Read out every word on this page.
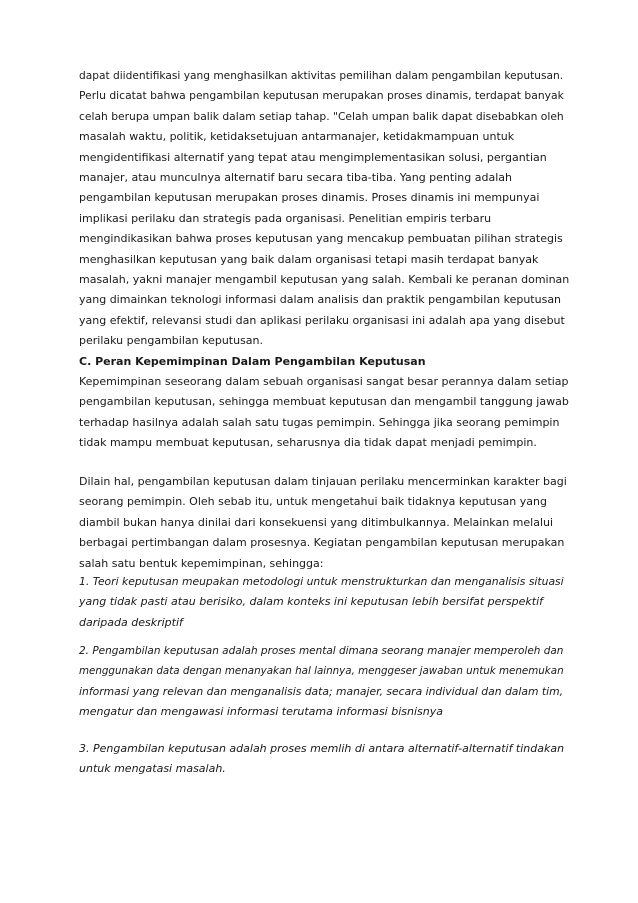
dapat diidentifikasi yang menghasilkan aktivitas pemilihan dalam pengambilan keputusan.
Perlu dicatat bahwa pengambilan keputusan merupakan proses dinamis, terdapat banyak
celah berupa umpan balik dalam setiap tahap. "Celah umpan balik dapat disebabkan oleh
masalah waktu, politik, ketidaksetujuan antarmanajer, ketidakmampuan untuk
mengidentifikasi alternatif yang tepat atau mengimplementasikan solusi, pergantian
manajer, atau munculnya alternatif baru secara tiba-tiba. Yang penting adalah
pengambilan keputusan merupakan proses dinamis. Proses dinamis ini mempunyai
implikasi perilaku dan strategis pada organisasi. Penelitian empiris terbaru
mengindikasikan bahwa proses keputusan yang mencakup pembuatan pilihan strategis
menghasilkan keputusan yang baik dalam organisasi tetapi masih terdapat banyak
masalah, yakni manajer mengambil keputusan yang salah. Kembali ke peranan dominan
yang dimainkan teknologi informasi dalam analisis dan praktik pengambilan keputusan
yang efektif, relevansi studi dan aplikasi perilaku organisasi ini adalah apa yang disebut
perilaku pengambilan keputusan.
C. Peran Kepemimpinan Dalam Pengambilan Keputusan
Kepemimpinan seseorang dalam sebuah organisasi sangat besar perannya dalam setiap
pengambilan keputusan, sehingga membuat keputusan dan mengambil tanggung jawab
terhadap hasilnya adalah salah satu tugas pemimpin. Sehingga jika seorang pemimpin
tidak mampu membuat keputusan, seharusnya dia tidak dapat menjadi pemimpin.
Dilain hal, pengambilan keputusan dalam tinjauan perilaku mencerminkan karakter bagi
seorang pemimpin. Oleh sebab itu, untuk mengetahui baik tidaknya keputusan yang
diambil bukan hanya dinilai dari konsekuensi yang ditimbulkannya. Melainkan melalui
berbagai pertimbangan dalam prosesnya. Kegiatan pengambilan keputusan merupakan
salah satu bentuk kepemimpinan, sehingga:
1. Teori keputusan meupakan metodologi untuk menstrukturkan dan menganalisis situasi
yang tidak pasti atau berisiko, dalam konteks ini keputusan lebih bersifat perspektif
daripada deskriptif
2. Pengambilan keputusan adalah proses mental dimana seorang manajer memperoleh dan
menggunakan data dengan menanyakan hal lainnya, menggeser jawaban untuk menemukan
informasi yang relevan dan menganalisis data; manajer, secara individual dan dalam tim,
mengatur dan mengawasi informasi terutama informasi bisnisnya
3. Pengambilan keputusan adalah proses memlih di antara alternatif-alternatif tindakan
untuk mengatasi masalah.
